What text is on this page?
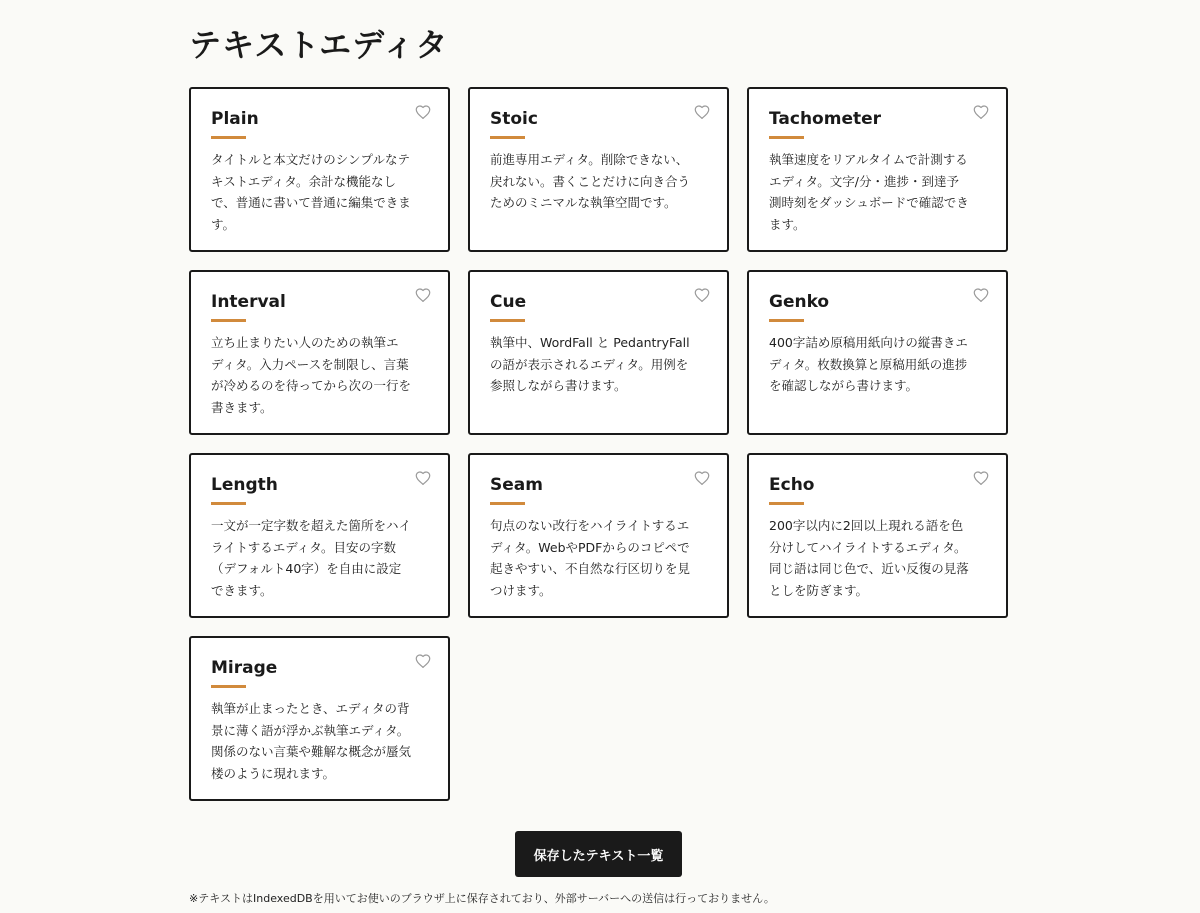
テキストエディタ
Plain

タイトルと本文だけのシンプルなテキストエディタ。余計な機能なしで、普通に書いて普通に編集できます。

Stoic

前進専用エディタ。削除できない、戻れない。書くことだけに向き合うためのミニマルな執筆空間です。

Tachometer

執筆速度をリアルタイムで計測するエディタ。文字/分・進捗・到達予測時刻をダッシュボードで確認できます。

Interval

立ち止まりたい人のための執筆エディタ。入力ペースを制限し、言葉が冷めるのを待ってから次の一行を書きます。

Cue

執筆中、WordFall と PedantryFall の語が表示されるエディタ。用例を参照しながら書けます。

Genko

400字詰め原稿用紙向けの縦書きエディタ。枚数換算と原稿用紙の進捗を確認しながら書けます。

Length

一文が一定字数を超えた箇所をハイライトするエディタ。目安の字数（デフォルト40字）を自由に設定できます。

Seam

句点のない改行をハイライトするエディタ。WebやPDFからのコピペで起きやすい、不自然な行区切りを見つけます。

Echo

200字以内に2回以上現れる語を色分けしてハイライトするエディタ。同じ語は同じ色で、近い反復の見落としを防ぎます。

Mirage

執筆が止まったとき、エディタの背景に薄く語が浮かぶ執筆エディタ。関係のない言葉や難解な概念が蜃気楼のように現れます。

保存したテキスト一覧

※テキストはIndexedDBを用いてお使いのブラウザ上に保存されており、外部サーバーへの送信は行っておりません。
